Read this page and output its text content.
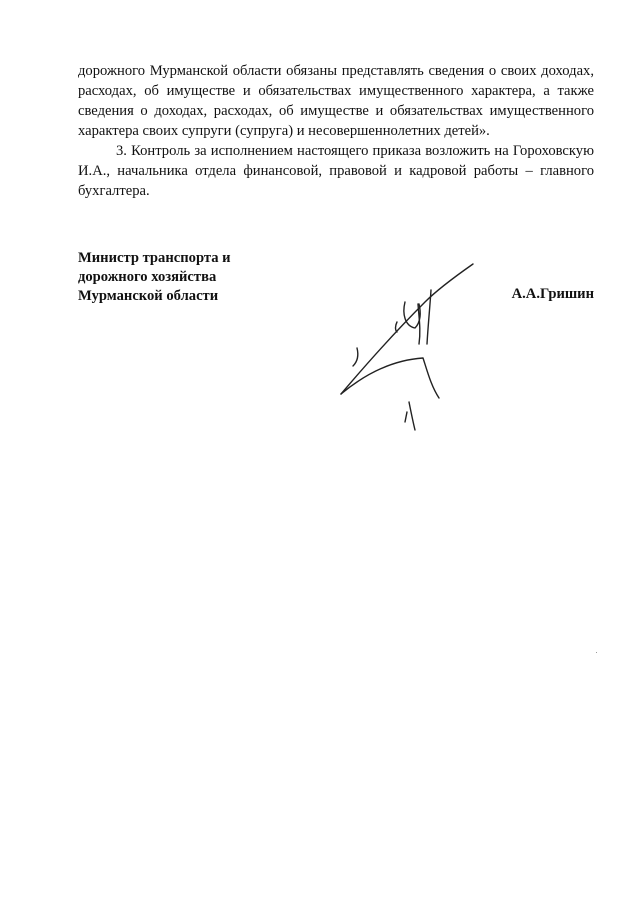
дорожного Мурманской области обязаны представлять сведения о своих доходах, расходах, об имуществе и обязательствах имущественного характера, а также сведения о доходах, расходах, об имуществе и обязательствах имущественного характера своих супруги (супруга) и несовершеннолетних детей».

3. Контроль за исполнением настоящего приказа возложить на Гороховскую И.А., начальника отдела финансовой, правовой и кадровой работы – главного бухгалтера.

Министр транспорта и
дорожного хозяйства
Мурманской области	А.А.Гришин
